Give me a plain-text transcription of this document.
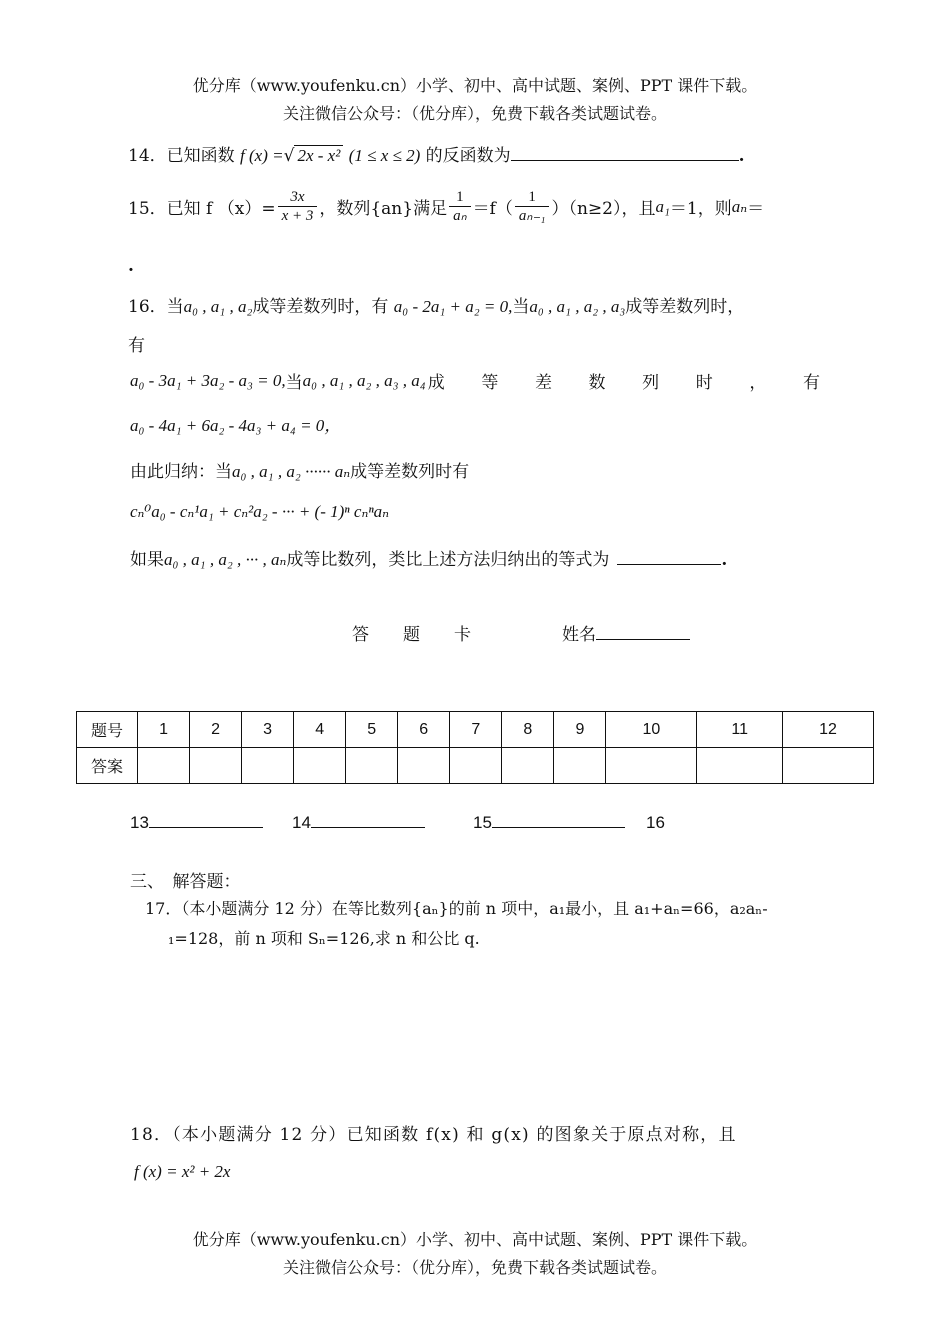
优分库（www.youfenku.cn）小学、初中、高中试题、案例、PPT 课件下载。
关注微信公众号：（优分库），免费下载各类试题试卷。
14．已知函数 f (x) =√ 2x - x² (1 ≤ x ≤ 2) 的反函数为	.
15．已知 f $(x)= \frac{3x}{x + 3}$ ，数列{an}满足 $\frac{1}{\text{aₙ}} =f( \frac{1}{\text{aₙ₋₁}} )(n\ge 2)$，且 a₁ ＝1，则 aₙ ＝
.
16．当a₀ , a₁ , a₂成等差数列时，有 a₀ - 2a₁ + a₂ = 0,当a₀ , a₁ , a₂ , a₃成等差数列时，
有
a₀ - 3a₁ + 3a₂ - a₃ = 0, 当 a₀ , a₁ , a₂ , a₃ , a₄ 成 等 差 数 列 时 ， 有
a₀ - 4a₁ + 6a₂ - 4a₃ + a₄ = 0，
由此归纳：当a₀ , a₁ , a₂ ······ aₙ成等差数列时有
cₙ⁰a₀ - cₙ¹a₁ + cₙ²a₂ - ··· + (- 1)ⁿ cₙⁿaₙ
如果a₀ , a₁ , a₂ , ··· , aₙ成等比数列，类比上述方法归纳出的等式为	.
答　　题　　卡	姓名
题号	1	2	3	4	5	6	7	8	9	10	11	12
答案												
13	14	15	16
三、　解答题：
17．（本小题满分 12 分）在等比数列{aₙ}的前 n 项中，a₁最小，且 a₁+aₙ=66，a₂aₙ-
₁=128，前 n 项和 Sₙ=126,求 n 和公比 q.
18．（本小题满分 12 分）已知函数 f(x) 和 g(x) 的图象关于原点对称，且
f (x) = x² + 2x
优分库（www.youfenku.cn）小学、初中、高中试题、案例、PPT 课件下载。
关注微信公众号：（优分库），免费下载各类试题试卷。
